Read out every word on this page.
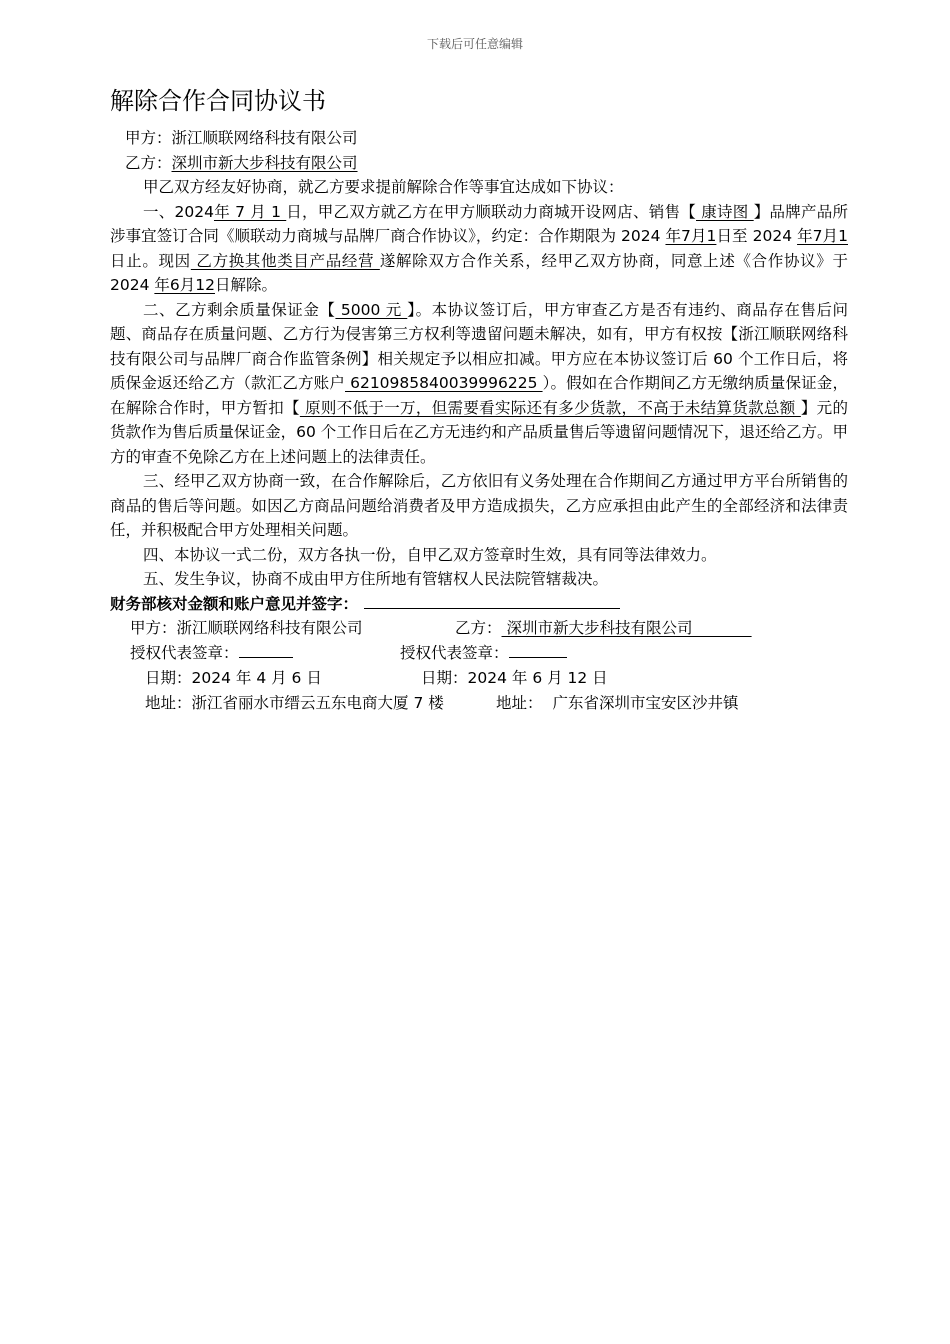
下载后可任意编辑
解除合作合同协议书

甲方：浙江顺联网络科技有限公司

乙方：深圳市新大步科技有限公司

甲乙双方经友好协商，就乙方要求提前解除合作等事宜达成如下协议：

一、2024年 7 月 1 日，甲乙双方就乙方在甲方顺联动力商城开设网店、销售【 康诗图 】品牌产品所涉事宜签订合同《顺联动力商城与品牌厂商合作协议》，约定：合作期限为 2024 年7月1日至 2024 年7月1日止。现因 乙方换其他类目产品经营 遂解除双方合作关系，经甲乙双方协商，同意上述《合作协议》于 2024 年6月12日解除。

二、乙方剩余质量保证金【 5000 元 】。本协议签订后，甲方审查乙方是否有违约、商品存在售后问题、商品存在质量问题、乙方行为侵害第三方权利等遗留问题未解决，如有，甲方有权按【浙江顺联网络科技有限公司与品牌厂商合作监管条例】相关规定予以相应扣减。甲方应在本协议签订后 60 个工作日后，将质保金返还给乙方（款汇乙方账户 6210985840039996225 ）。假如在合作期间乙方无缴纳质量保证金，在解除合作时，甲方暂扣【 原则不低于一万，但需要看实际还有多少货款，不高于未结算货款总额 】元的货款作为售后质量保证金，60 个工作日后在乙方无违约和产品质量售后等遗留问题情况下，退还给乙方。甲方的审查不免除乙方在上述问题上的法律责任。

三、经甲乙双方协商一致，在合作解除后，乙方依旧有义务处理在合作期间乙方通过甲方平台所销售的商品的售后等问题。如因乙方商品问题给消费者及甲方造成损失，乙方应承担由此产生的全部经济和法律责任，并积极配合甲方处理相关问题。

四、本协议一式二份，双方各执一份，自甲乙双方签章时生效，具有同等法律效力。

五、发生争议，协商不成由甲方住所地有管辖权人民法院管辖裁决。

财务部核对金额和账户意见并签字：

甲方：浙江顺联网络科技有限公司	乙方： 深圳市新大步科技有限公司
授权代表签章：	授权代表签章：
日期：2024 年 4 月 6 日	日期：2024 年 6 月 12 日
地址：浙江省丽水市缙云五东电商大厦 7 楼	地址： 广东省深圳市宝安区沙井镇
